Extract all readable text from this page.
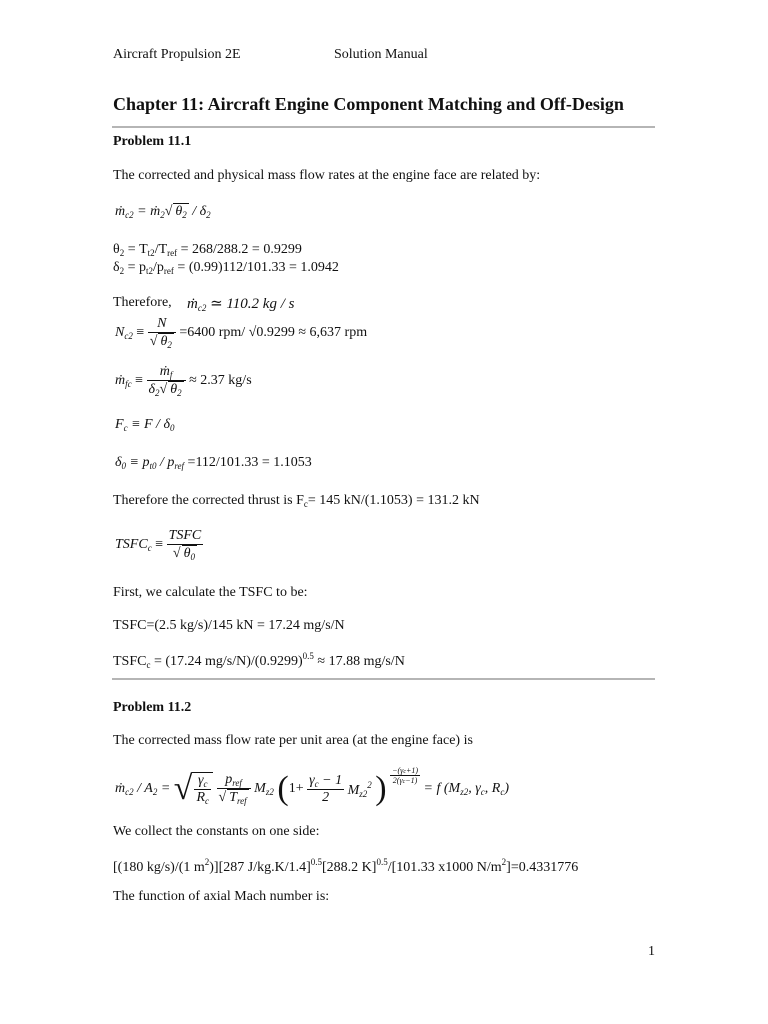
Aircraft Propulsion 2E	Solution Manual
Chapter 11: Aircraft Engine Component Matching and Off-Design
Problem 11.1
The corrected and physical mass flow rates at the engine face are related by:
ṁ$_{c2}$ = ṁ$_2$√ $\theta_2 / \delta_2$
$\theta_2 = T_{t2}/T_{ref} = 268/288.2 = 0.9299$
$\delta_2 = p_{t2}/p_{ref} = (0.99)112/101.33 = 1.0942$
Therefore, ṁ$_{c2}$ ≃ 110.2 kg / s
$N_{c2} \equiv \frac{N}{√ \theta_2} =6400$ rpm/ √0.9299 ≈ 6,637 rpm
ṁ$_{fc}$ ≡ $\frac{ṁ_f}{\delta_2√ \theta_2} \approx 2.37$ kg/s
$F_c \equiv F / \delta_0$
$\delta_0 \equiv p_{t0} / p_{ref} =112/101.33 = 1.1053$
Therefore the corrected thrust is $F_c= 145$ kN/(1.1053) = 131.2 kN
$TSFC_c \equiv \frac{\text{TSFC}}{√ \theta_0}$
First, we calculate the TSFC to be:
TSFC=(2.5 kg/s)/145 kN = 17.24 mg/s/N
$TSFC_c = (17.24$ $mg/s/N)/(0.9299)^{0.5} \approx 17.88$ mg/s/N
Problem 11.2
The corrected mass flow rate per unit area (at the engine face) is
ṁ$_{c2}$ / $A_2$ = √ $\frac{\gamma_c}{R_c}$
$\frac{p_{ref}}{√ T_{ref}} M_{z2}$ ($1+ \frac{\gamma_c - 1}{2} M_{z2}^2$ ) $\frac{-(\gamma c+1)}{2(\gamma c-1)}$
= f ($M_{z2}$, $\gamma_c$, $R_c$)
We collect the constants on one side:
[(180 kg/s)/(1 $m^2)][287$ J/kg.K/1.4]$^{0.5}$[288.2 K]$^{0.5}$/[101.33 x1000 $N/m^2]=0.4331776$
The function of axial Mach number is:
1
